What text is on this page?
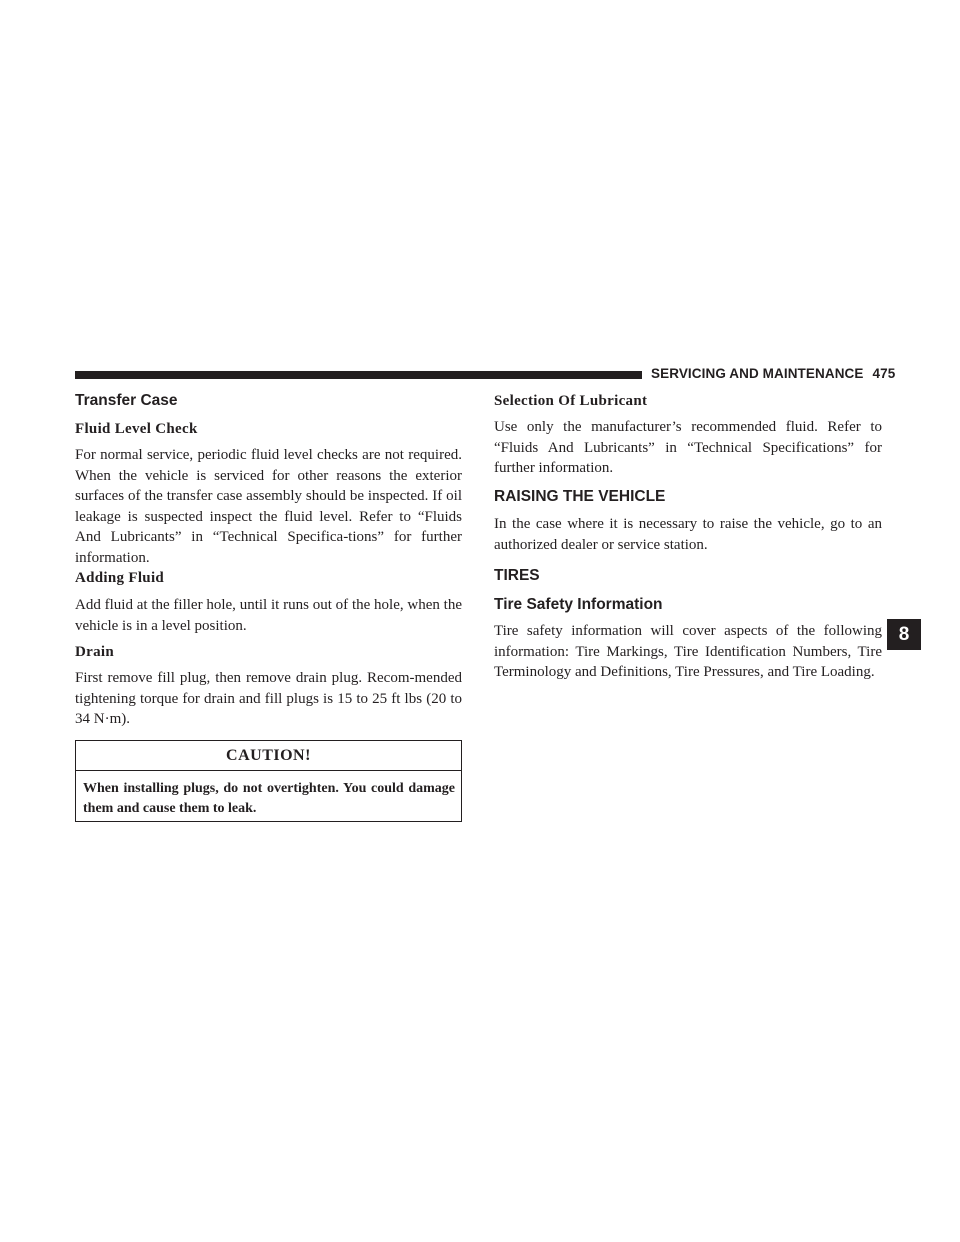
SERVICING AND MAINTENANCE 475
Transfer Case
Fluid Level Check

For normal service, periodic fluid level checks are not required. When the vehicle is serviced for other reasons the exterior surfaces of the transfer case assembly should be inspected. If oil leakage is suspected inspect the fluid level. Refer to “Fluids And Lubricants” in “Technical Specifica-tions” for further information.

Adding Fluid

Add fluid at the filler hole, until it runs out of the hole, when the vehicle is in a level position.

Drain

First remove fill plug, then remove drain plug. Recom-mended tightening torque for drain and fill plugs is 15 to 25 ft lbs (20 to 34 N·m).

CAUTION!

When installing plugs, do not overtighten. You could damage them and cause them to leak.

Selection Of Lubricant

Use only the manufacturer’s recommended fluid. Refer to “Fluids And Lubricants” in “Technical Specifications” for further information.

RAISING THE VEHICLE

In the case where it is necessary to raise the vehicle, go to an authorized dealer or service station.

TIRES
Tire Safety Information

Tire safety information will cover aspects of the following information: Tire Markings, Tire Identification Numbers, Tire Terminology and Definitions, Tire Pressures, and Tire Loading.

8
